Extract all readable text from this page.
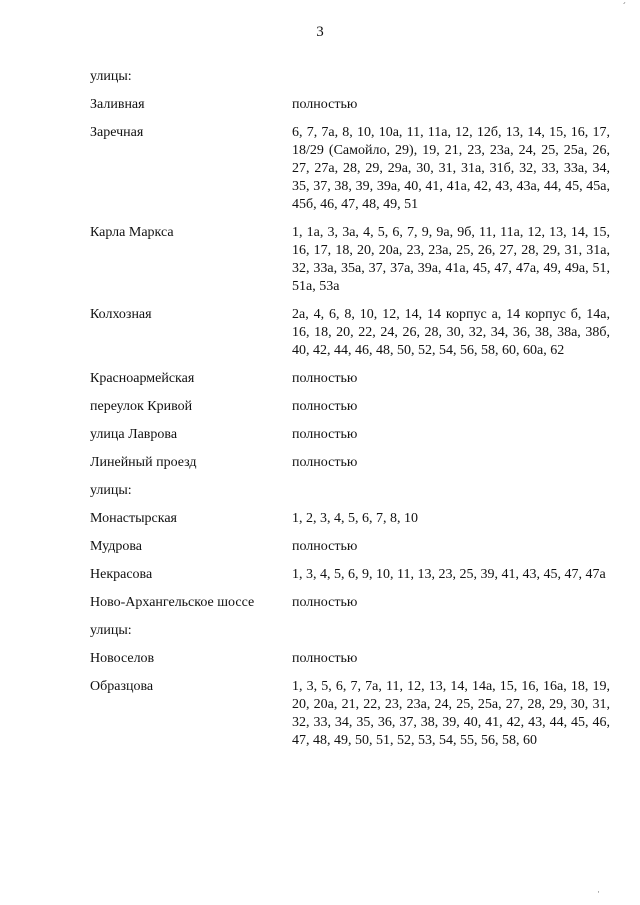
´
3
улицы:
Заливная	полностью
Заречная	6, 7, 7а, 8, 10, 10а, 11, 11а, 12, 12б, 13, 14, 15, 16, 17, 18/29 (Самойло, 29), 19, 21, 23, 23а, 24, 25, 25а, 26, 27, 27а, 28, 29, 29а, 30, 31, 31а, 31б, 32, 33, 33а, 34, 35, 37, 38, 39, 39а, 40, 41, 41а, 42, 43, 43а, 44, 45, 45а, 45б, 46, 47, 48, 49, 51
Карла Маркса	1, 1а, 3, 3а, 4, 5, 6, 7, 9, 9а, 9б, 11, 11а, 12, 13, 14, 15, 16, 17, 18, 20, 20а, 23, 23а, 25, 26, 27, 28, 29, 31, 31а, 32, 33а, 35а, 37, 37а, 39а, 41а, 45, 47, 47а, 49, 49а, 51, 51а, 53а
Колхозная	2а, 4, 6, 8, 10, 12, 14, 14 корпус а, 14 корпус б, 14а, 16, 18, 20, 22, 24, 26, 28, 30, 32, 34, 36, 38, 38а, 38б, 40, 42, 44, 46, 48, 50, 52, 54, 56, 58, 60, 60а, 62
Красноармейская	полностью
переулок Кривой	полностью
улица Лаврова	полностью
Линейный проезд	полностью
улицы:
Монастырская	1, 2, 3, 4, 5, 6, 7, 8, 10
Мудрова	полностью
Некрасова	1, 3, 4, 5, 6, 9, 10, 11, 13, 23, 25, 39, 41, 43, 45, 47, 47а
Ново-Архангельское шоссе	полностью
улицы:
Новоселов	полностью
Образцова	1, 3, 5, 6, 7, 7а, 11, 12, 13, 14, 14а, 15, 16, 16а, 18, 19, 20, 20а, 21, 22, 23, 23а, 24, 25, 25а, 27, 28, 29, 30, 31, 32, 33, 34, 35, 36, 37, 38, 39, 40, 41, 42, 43, 44, 45, 46, 47, 48, 49, 50, 51, 52, 53, 54, 55, 56, 58, 60
·
